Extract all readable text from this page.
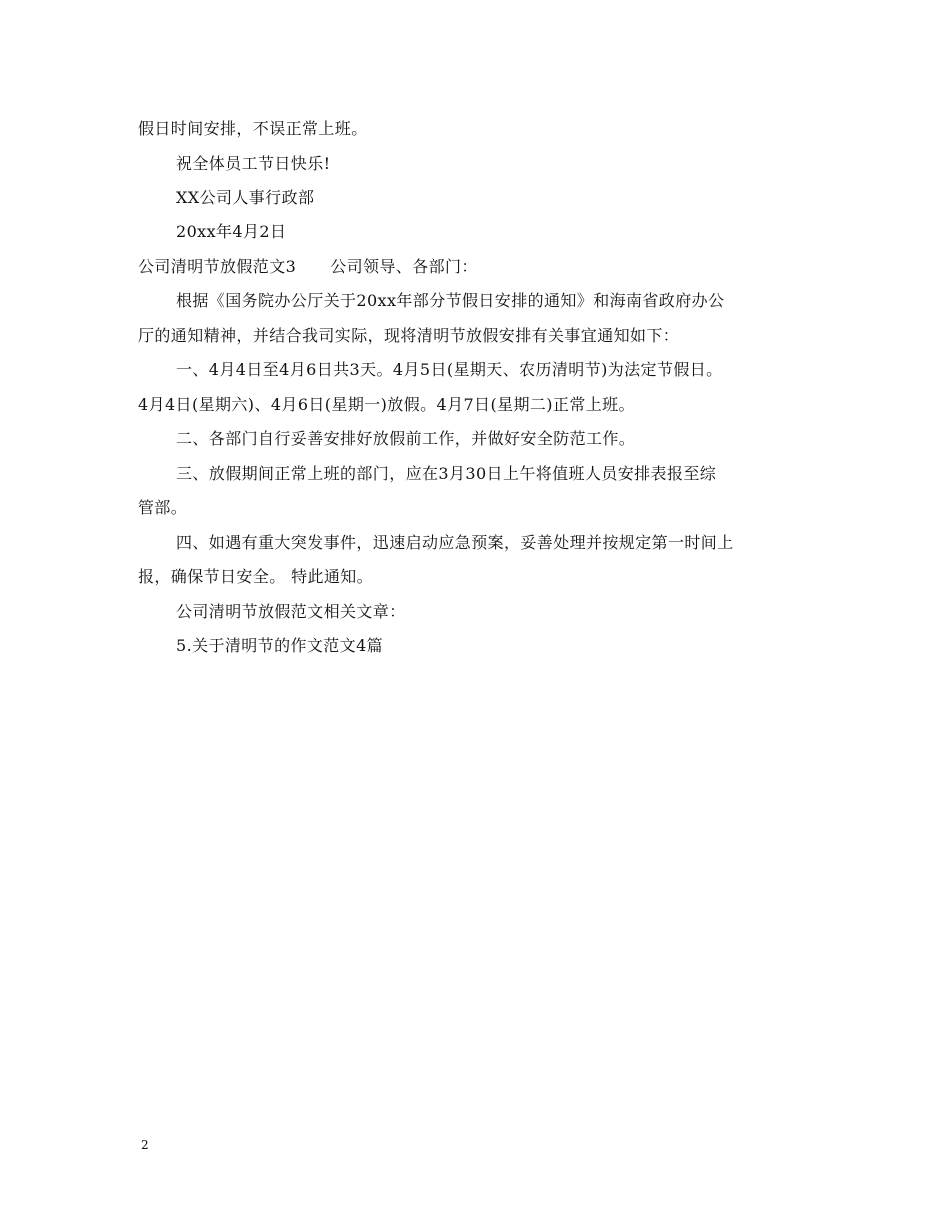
假日时间安排，不误正常上班。
祝全体员工节日快乐!
XX公司人事行政部
20xx年4月2日
公司清明节放假范文3 公司领导、各部门：
根据《国务院办公厅关于20xx年部分节假日安排的通知》和海南省政府办公
厅的通知精神，并结合我司实际，现将清明节放假安排有关事宜通知如下：
一、4月4日至4月6日共3天。4月5日(星期天、农历清明节)为法定节假日。
4月4日(星期六)、4月6日(星期一)放假。4月7日(星期二)正常上班。
二、各部门自行妥善安排好放假前工作，并做好安全防范工作。
三、放假期间正常上班的部门，应在3月30日上午将值班人员安排表报至综
管部。
四、如遇有重大突发事件，迅速启动应急预案，妥善处理并按规定第一时间上
报，确保节日安全。 特此通知。
公司清明节放假范文相关文章：
5.关于清明节的作文范文4篇
2
